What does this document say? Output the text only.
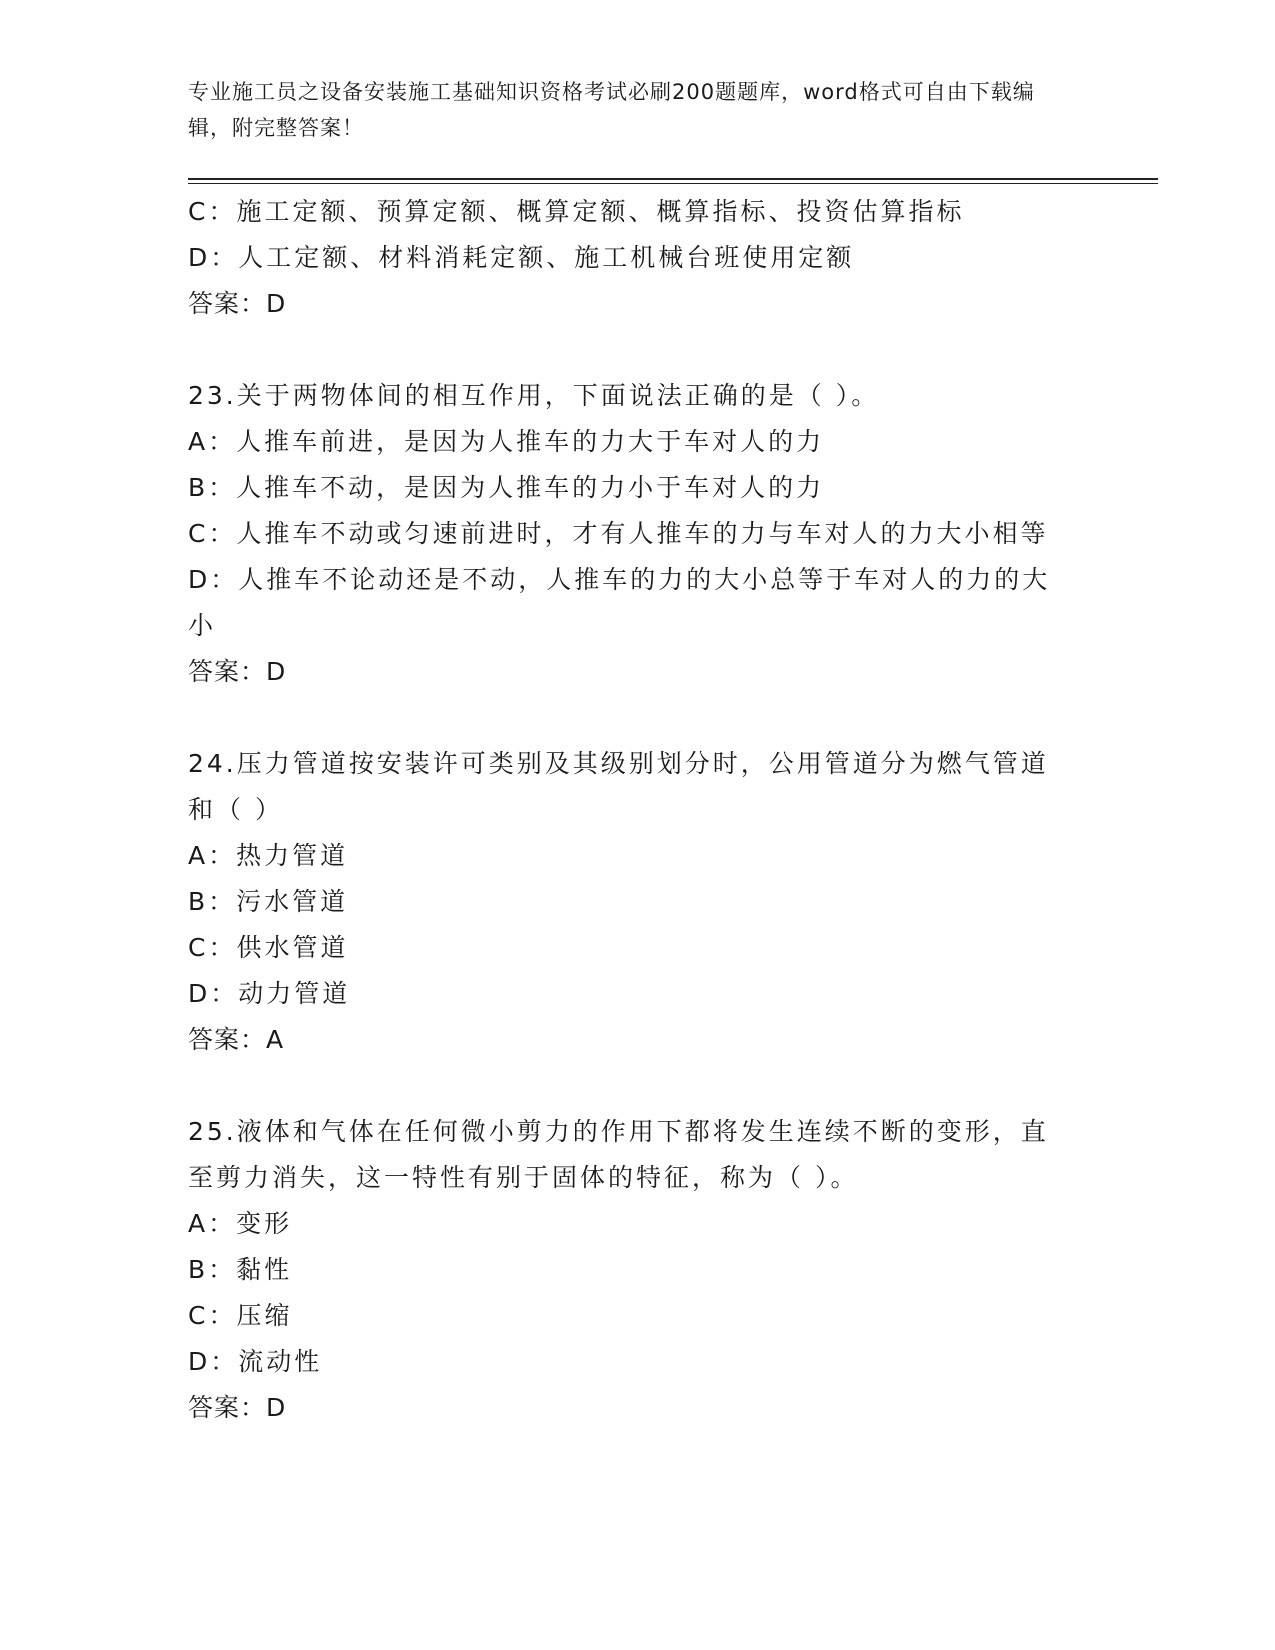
专业施工员之设备安装施工基础知识资格考试必刷200题题库，word格式可自由下载编辑，附完整答案！
C：施工定额、预算定额、概算定额、概算指标、投资估算指标
D：人工定额、材料消耗定额、施工机械台班使用定额
答案：D
23.关于两物体间的相互作用，下面说法正确的是（ ）。
A：人推车前进，是因为人推车的力大于车对人的力
B：人推车不动，是因为人推车的力小于车对人的力
C：人推车不动或匀速前进时，才有人推车的力与车对人的力大小相等
D：人推车不论动还是不动，人推车的力的大小总等于车对人的力的大
小
答案：D
24.压力管道按安装许可类别及其级别划分时，公用管道分为燃气管道
和（ ）
A：热力管道
B：污水管道
C：供水管道
D：动力管道
答案：A
25.液体和气体在任何微小剪力的作用下都将发生连续不断的变形，直
至剪力消失，这一特性有别于固体的特征，称为（ ）。
A：变形
B：黏性
C：压缩
D：流动性
答案：D
